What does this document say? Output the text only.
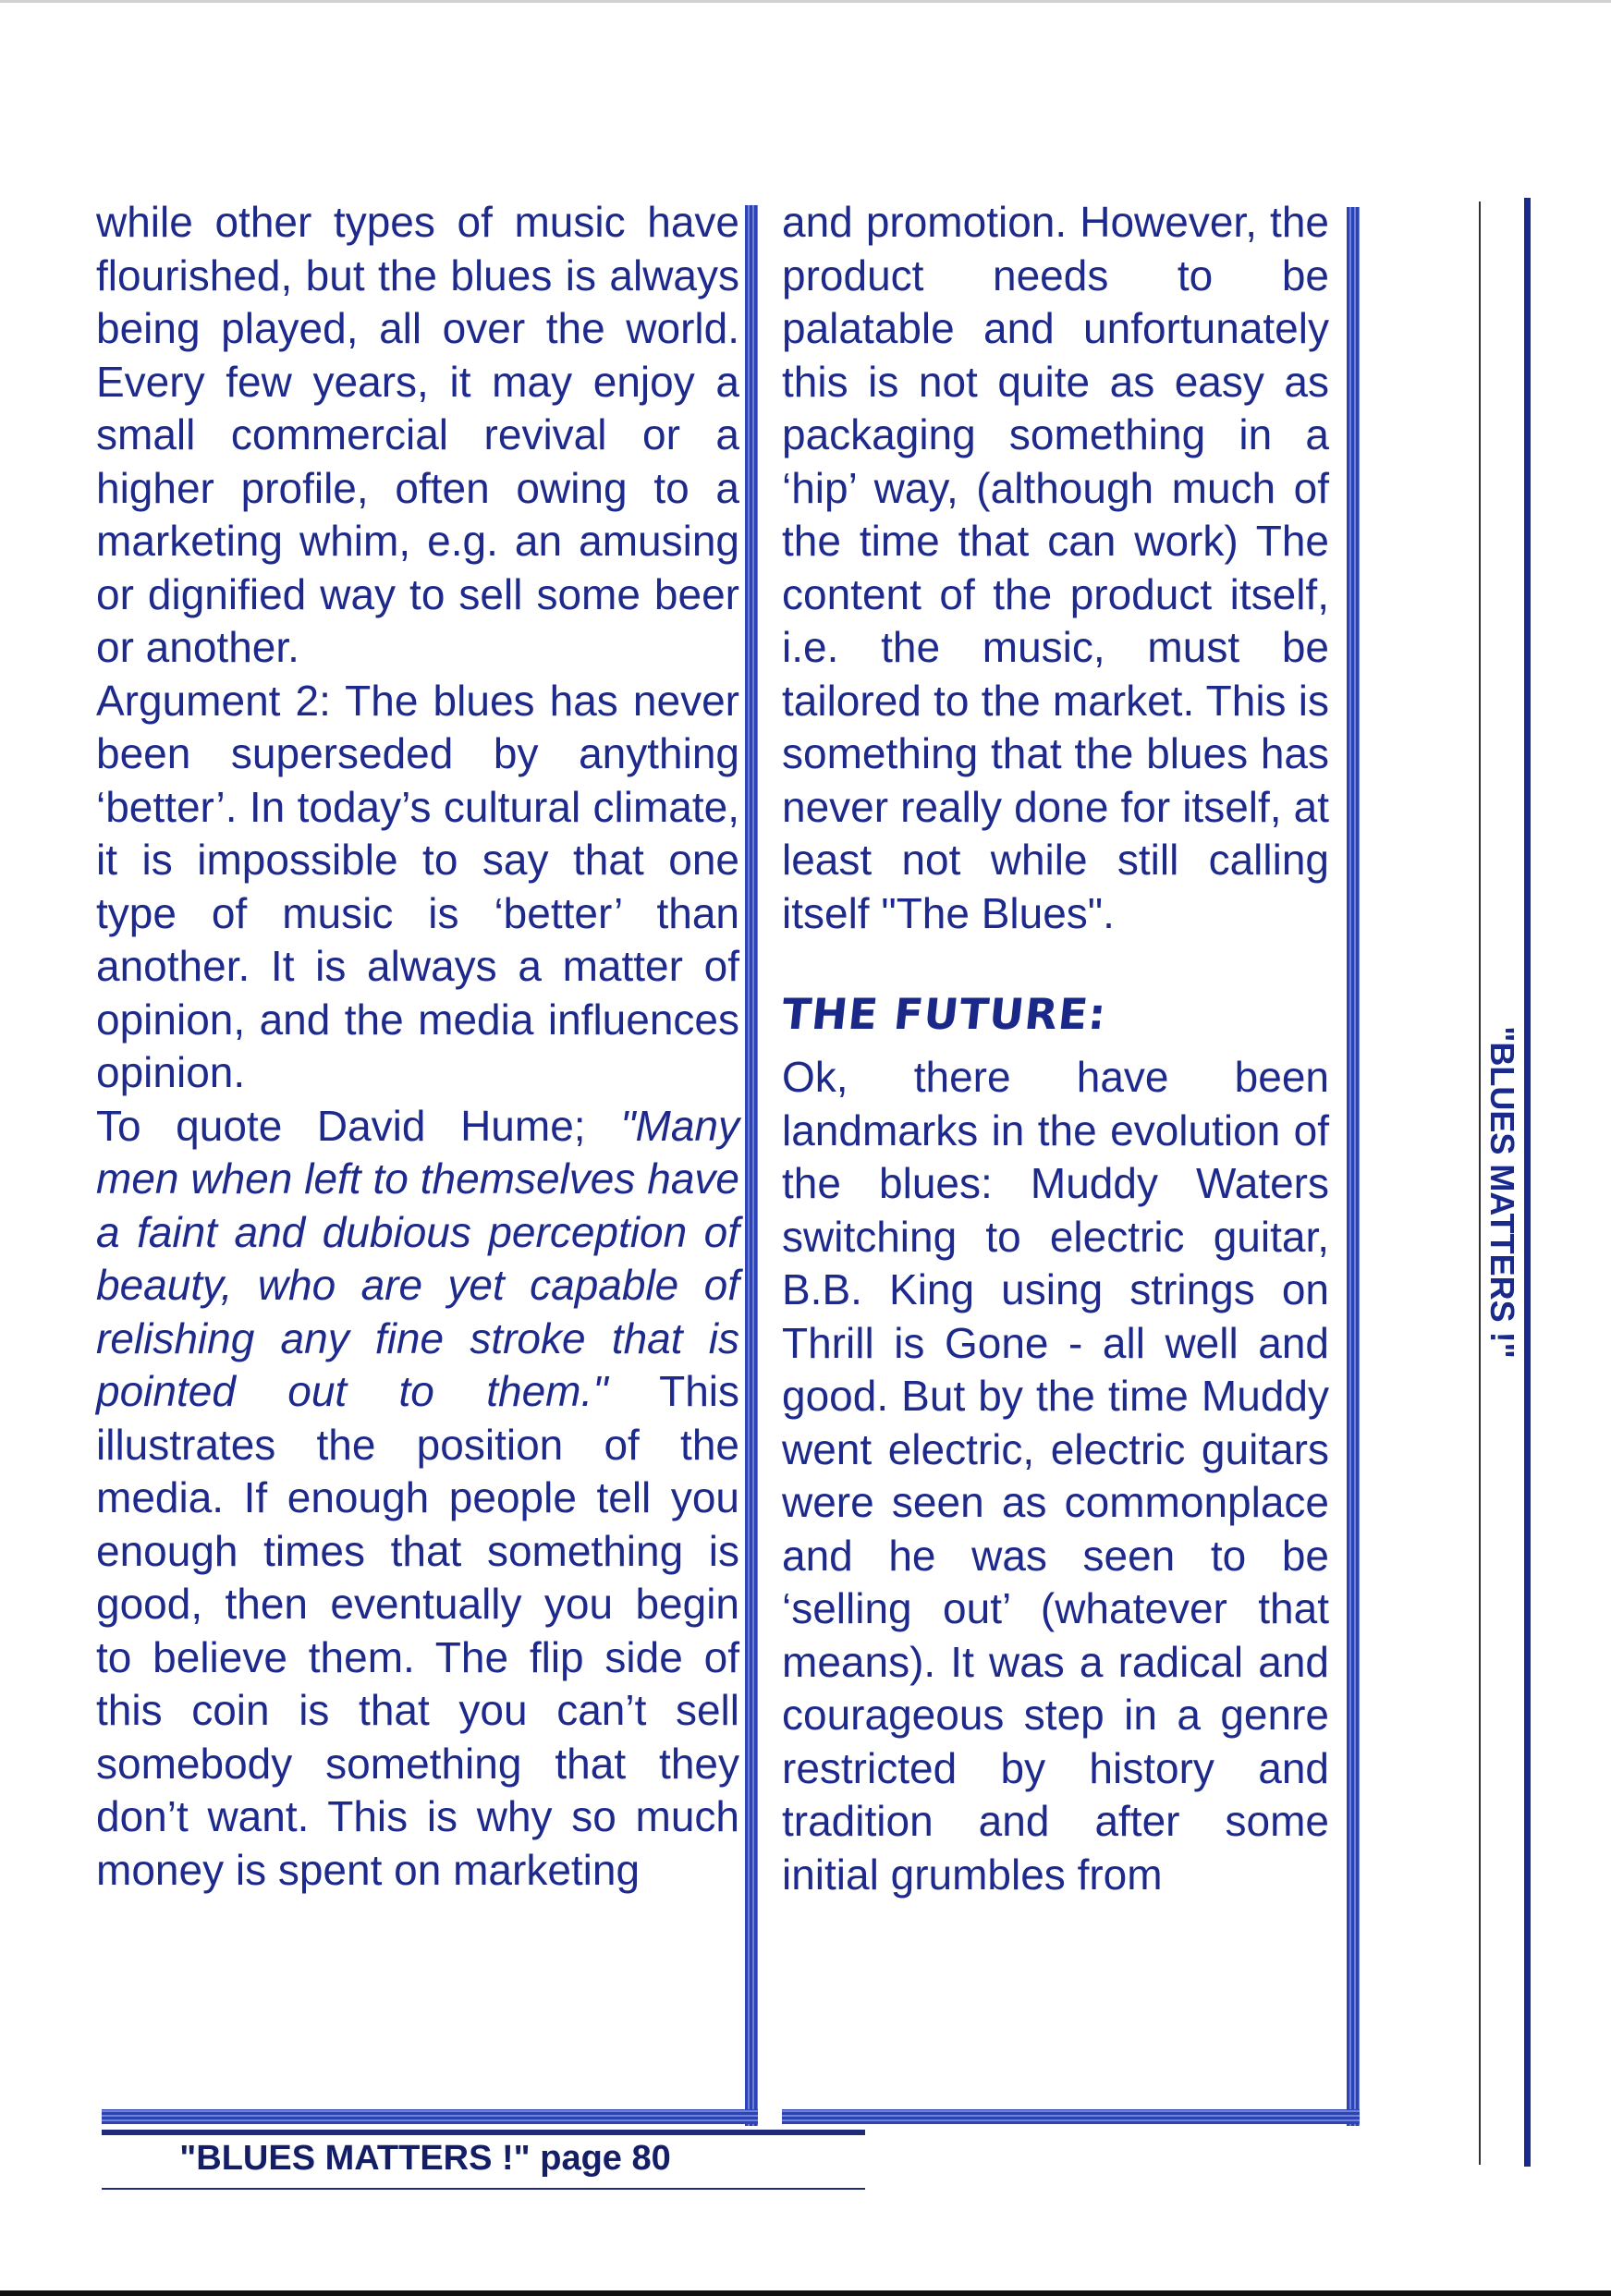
while other types of music have flourished, but the blues is always being played, all over the world. Every few years, it may enjoy a small commercial revival or a higher profile, often owing to a marketing whim, e.g. an amusing or dignified way to sell some beer or another.

Argument 2: The blues has never been superseded by anything ‘better’. In today’s cultural climate, it is impossible to say that one type of music is ‘better’ than another. It is always a matter of opinion, and the media influences opinion.

To quote David Hume; "Many men when left to themselves have a faint and dubious perception of beauty, who are yet capable of relishing any fine stroke that is pointed out to them." This illustrates the position of the media. If enough people tell you enough times that something is good, then eventually you begin to believe them. The flip side of this coin is that you can’t sell somebody something that they don’t want. This is why so much money is spent on marketing

and promotion. However, the product needs to be palatable and unfortunately this is not quite as easy as packaging something in a ‘hip’ way, (although much of the time that can work) The content of the product itself, i.e. the music, must be tailored to the market. This is something that the blues has never really done for itself, at least not while still calling itself "The Blues".

THE FUTURE:

Ok, there have been landmarks in the evolution of the blues: Muddy Waters switching to electric guitar, B.B. King using strings on Thrill is Gone - all well and good. But by the time Muddy went electric, electric guitars were seen as commonplace and he was seen to be ‘selling out’ (whatever that means). It was a radical and courageous step in a genre restricted by history and tradition and after some initial grumbles from

"BLUES MATTERS !" page 80
"BLUES MATTERS !"
